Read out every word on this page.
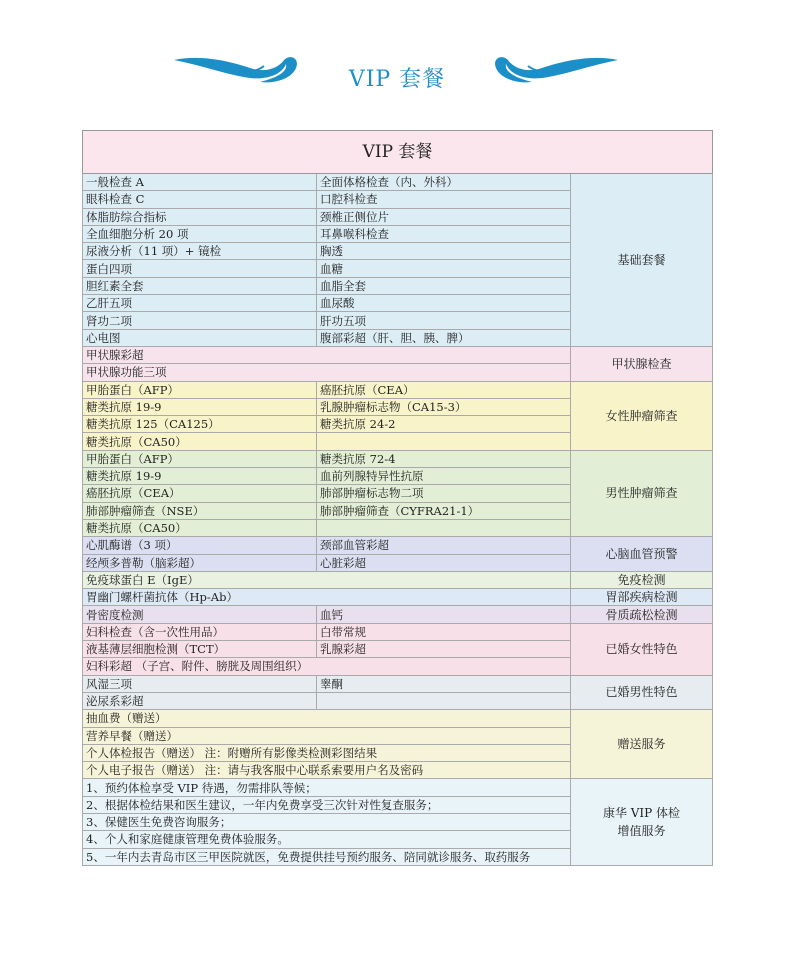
VIP 套餐
VIP 套餐		
一般检查 A	全面体格检查（内、外科）	基础套餐
眼科检查 C	口腔科检查	
体脂肪综合指标	颈椎正侧位片	
全血细胞分析 20 项	耳鼻喉科检查	
尿液分析（11 项）+ 镜检	胸透	
蛋白四项	血糖	
胆红素全套	血脂全套	
乙肝五项	血尿酸	
肾功二项	肝功五项	
心电图	腹部彩超（肝、胆、胰、脾）	
甲状腺彩超		甲状腺检查
甲状腺功能三项		
甲胎蛋白（AFP）	癌胚抗原（CEA）	女性肿瘤筛查
糖类抗原 19-9	乳腺肿瘤标志物（CA15-3）	
糖类抗原 125（CA125）	糖类抗原 24-2	
糖类抗原（CA50）		
甲胎蛋白（AFP）	糖类抗原 72-4	男性肿瘤筛查
糖类抗原 19-9	血前列腺特异性抗原	
癌胚抗原（CEA）	肺部肿瘤标志物二项	
肺部肿瘤筛查（NSE）	肺部肿瘤筛查（CYFRA21-1）	
糖类抗原（CA50）		
心肌酶谱（3 项）	颈部血管彩超	心脑血管预警
经颅多普勒（脑彩超）	心脏彩超	
免疫球蛋白 E（IgE）		免疫检测
胃幽门螺杆菌抗体（Hp-Ab）		胃部疾病检测
骨密度检测	血钙	骨质疏松检测
妇科检查（含一次性用品）	白带常规	已婚女性特色
液基薄层细胞检测（TCT）	乳腺彩超	
妇科彩超 （子宫、附件、膀胱及周围组织）		
风湿三项	睾酮	已婚男性特色
泌尿系彩超		
抽血费（赠送）		赠送服务
营养早餐（赠送）		
个人体检报告（赠送） 注：附赠所有影像类检测彩图结果		
个人电子报告（赠送） 注：请与我客服中心联系索要用户名及密码		
1、预约体检享受 VIP 待遇，勿需排队等候；		康华 VIP 体检
增值服务

2、根据体检结果和医生建议，一年内免费享受三次针对性复查服务；		
3、保健医生免费咨询服务；		
4、个人和家庭健康管理免费体验服务。		
5、一年内去青岛市区三甲医院就医，免费提供挂号预约服务、陪同就诊服务、取药服务		
